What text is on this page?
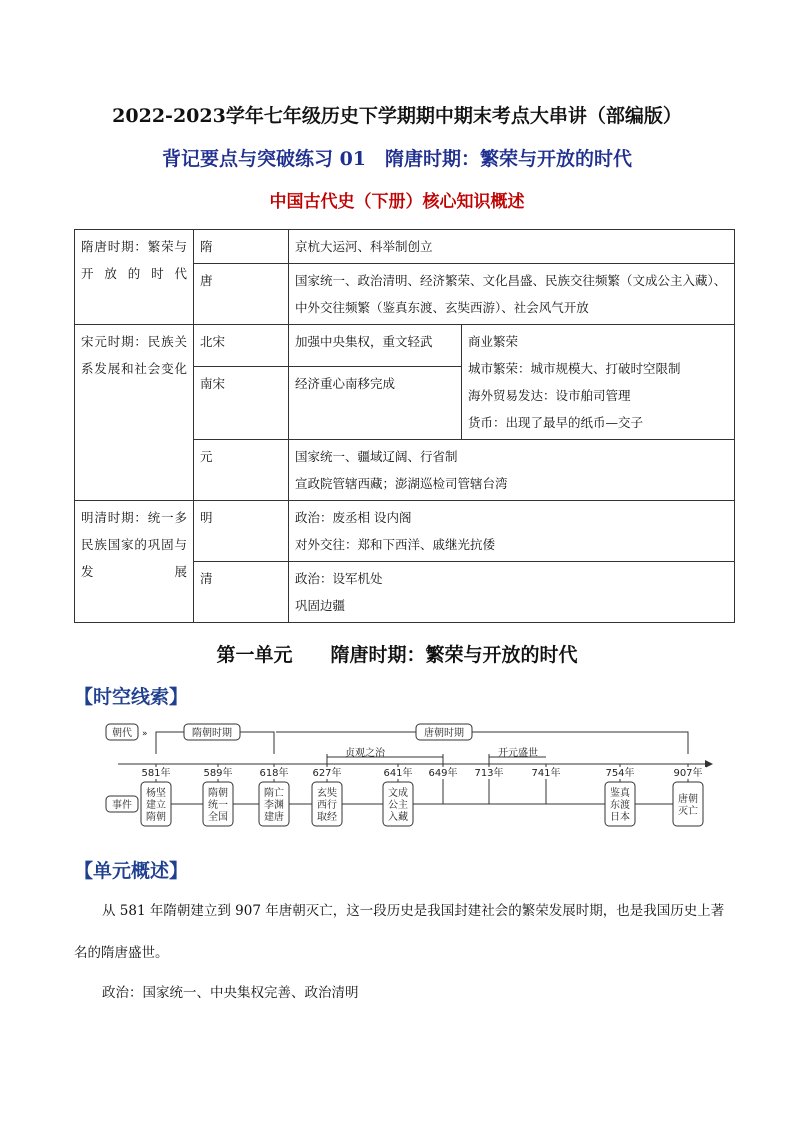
2022-2023学年七年级历史下学期期中期末考点大串讲（部编版）
背记要点与突破练习 01　隋唐时期：繁荣与开放的时代
中国古代史（下册）核心知识概述
隋唐时期：繁荣与开放的时代	隋	京杭大运河、科举制创立	
	唐	国家统一、政治清明、经济繁荣、文化昌盛、民族交往频繁（文成公主入藏）、中外交往频繁（鉴真东渡、玄奘西游）、社会风气开放	
宋元时期：民族关系发展和社会变化	北宋	加强中央集权，重文轻武	商业繁荣
城市繁荣：城市规模大、打破时空限制
海外贸易发达：设市舶司管理
货币：出现了最早的纸币—交子

	南宋	经济重心南移完成	
	元	国家统一、疆域辽阔、行省制
宣政院管辖西藏；澎湖巡检司管辖台湾	

明清时期：统一多民族国家的巩固与发展	明	政治：废丞相 设内阁
对外交往：郑和下西洋、戚继光抗倭	

	清	政治：设军机处
巩固边疆	
第一单元　　隋唐时期：繁荣与开放的时代
【时空线索】
朝代 »	隋朝时期	唐朝时期
贞观之治	开元盛世
581年	589年	618年 627年	641年 649年 713年	741年	754年	907年
事件
杨坚
建立
隋朝
隋朝
统一
全国
隋亡
李渊
建唐
玄奘
西行
取经
文成
公主
入藏
鉴真
东渡
日本
唐朝
灭亡
【单元概述】
从 581 年隋朝建立到 907 年唐朝灭亡，这一段历史是我国封建社会的繁荣发展时期，也是我国历史上著名的隋唐盛世。
政治：国家统一、中央集权完善、政治清明
